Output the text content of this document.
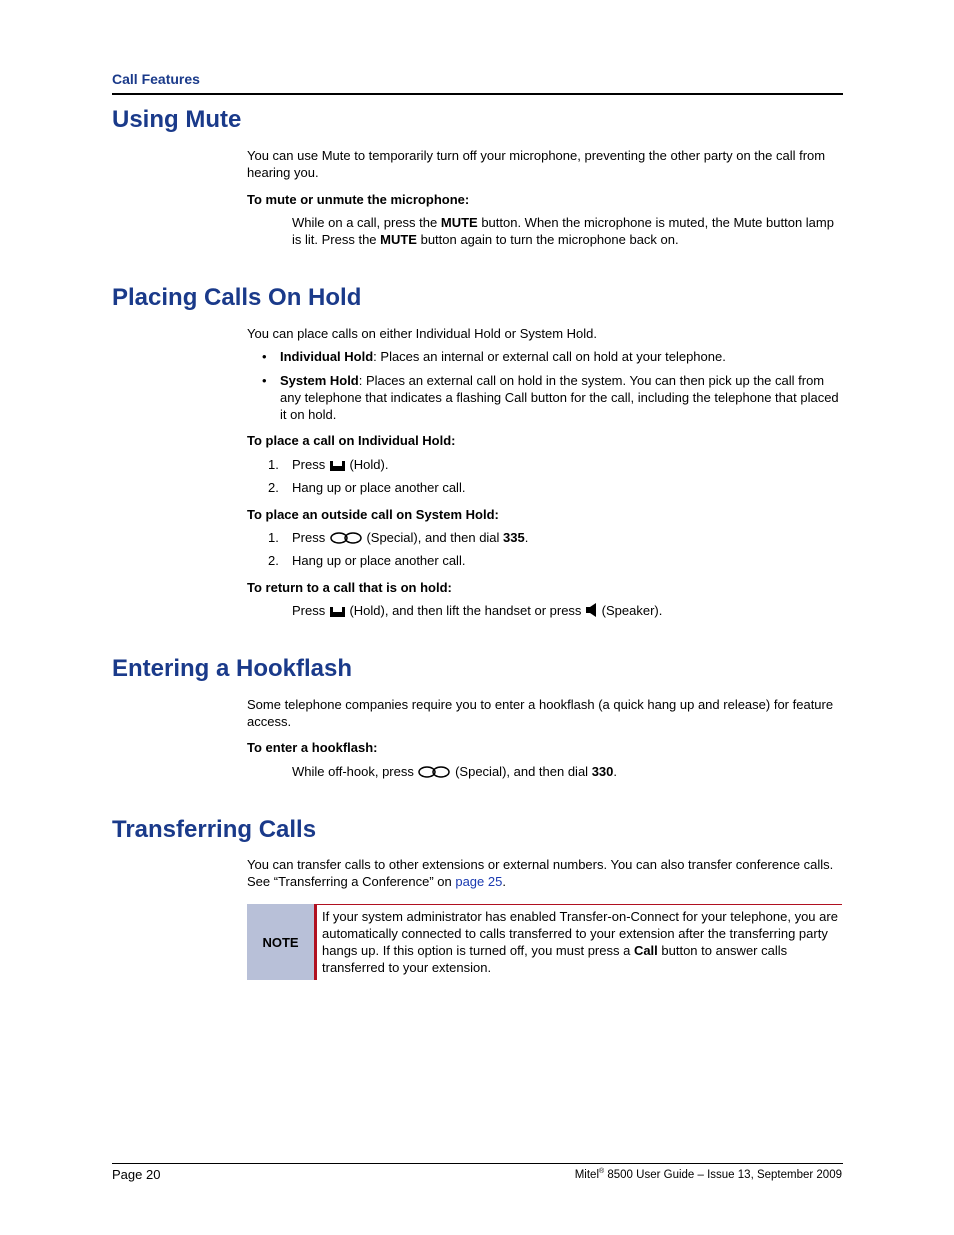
Call Features
Using Mute

You can use Mute to temporarily turn off your microphone, preventing the other party on the call from hearing you.

To mute or unmute the microphone:

While on a call, press the MUTE button. When the microphone is muted, the Mute button lamp is lit. Press the MUTE button again to turn the microphone back on.

Placing Calls On Hold

You can place calls on either Individual Hold or System Hold.

• Individual Hold: Places an internal or external call on hold at your telephone.

• System Hold: Places an external call on hold in the system. You can then pick up the call from any telephone that indicates a flashing Call button for the call, including the telephone that placed it on hold.

To place a call on Individual Hold:

1. Press  (Hold).

2. Hang up or place another call.

To place an outside call on System Hold:

1. Press	(Special), and then dial 335.

2. Hang up or place another call.

To return to a call that is on hold:

Press  (Hold), and then lift the handset or press  (Speaker).

Entering a Hookflash

Some telephone companies require you to enter a hookflash (a quick hang up and release) for feature access.

To enter a hookflash:

While off-hook, press	(Special), and then dial 330.

Transferring Calls

You can transfer calls to other extensions or external numbers. You can also transfer conference calls. See “Transferring a Conference” on page 25.

NOTE
If your system administrator has enabled Transfer-on-Connect for your telephone, you are automatically connected to calls transferred to your extension after the transferring party hangs up. If this option is turned off, you must press a Call button to answer calls transferred to your extension.
Page 20	Mitel® 8500 User Guide – Issue 13, September 2009
